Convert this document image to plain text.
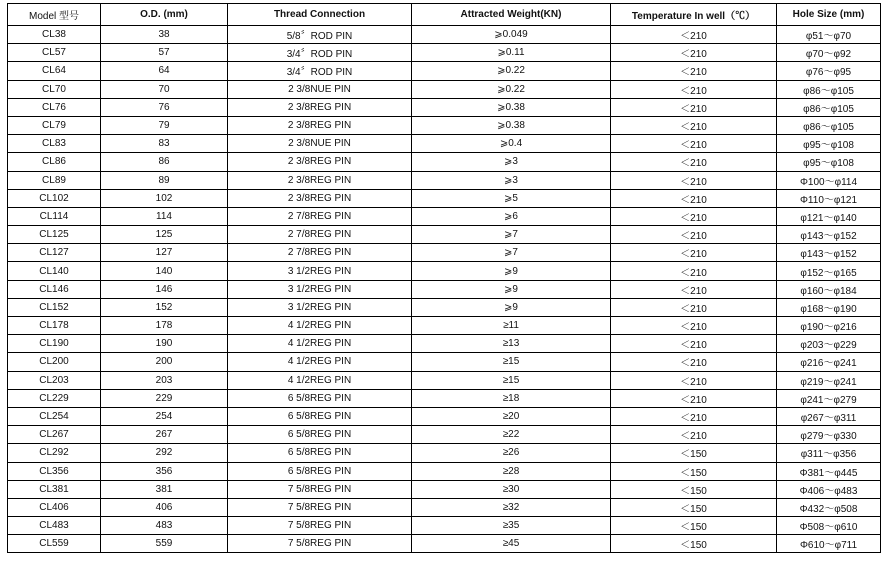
Model 型号	O.D. (mm)	Thread Connection	Attracted Weight(KN)	Temperature In well（℃）	Hole Size (mm)
CL38	38	5/8〞ROD PIN	⩾0.049	＜210	φ51～φ70
CL57	57	3/4〞ROD PIN	⩾0.11	＜210	φ70～φ92
CL64	64	3/4〞ROD PIN	⩾0.22	＜210	φ76～φ95
CL70	70	2 3/8NUE PIN	⩾0.22	＜210	φ86～φ105
CL76	76	2 3/8REG PIN	⩾0.38	＜210	φ86～φ105
CL79	79	2 3/8REG PIN	⩾0.38	＜210	φ86～φ105
CL83	83	2 3/8NUE PIN	⩾0.4	＜210	φ95～φ108
CL86	86	2 3/8REG PIN	⩾3	＜210	φ95～φ108
CL89	89	2 3/8REG PIN	⩾3	＜210	Φ100～φ114
CL102	102	2 3/8REG PIN	⩾5	＜210	Φ110～φ121
CL114	114	2 7/8REG PIN	⩾6	＜210	φ121～φ140
CL125	125	2 7/8REG PIN	⩾7	＜210	φ143～φ152
CL127	127	2 7/8REG PIN	⩾7	＜210	φ143～φ152
CL140	140	3 1/2REG PIN	⩾9	＜210	φ152～φ165
CL146	146	3 1/2REG PIN	⩾9	＜210	φ160～φ184
CL152	152	3 1/2REG PIN	⩾9	＜210	φ168～φ190
CL178	178	4 1/2REG PIN	≥11	＜210	φ190～φ216
CL190	190	4 1/2REG PIN	≥13	＜210	φ203～φ229
CL200	200	4 1/2REG PIN	≥15	＜210	φ216～φ241
CL203	203	4 1/2REG PIN	≥15	＜210	φ219～φ241
CL229	229	6 5/8REG PIN	≥18	＜210	φ241～φ279
CL254	254	6 5/8REG PIN	≥20	＜210	φ267～φ311
CL267	267	6 5/8REG PIN	≥22	＜210	φ279～φ330
CL292	292	6 5/8REG PIN	≥26	＜150	φ311～φ356
CL356	356	6 5/8REG PIN	≥28	＜150	Φ381～φ445
CL381	381	7 5/8REG PIN	≥30	＜150	Φ406～φ483
CL406	406	7 5/8REG PIN	≥32	＜150	Φ432～φ508
CL483	483	7 5/8REG PIN	≥35	＜150	Φ508～φ610
CL559	559	7 5/8REG PIN	≥45	＜150	Φ610～φ711
